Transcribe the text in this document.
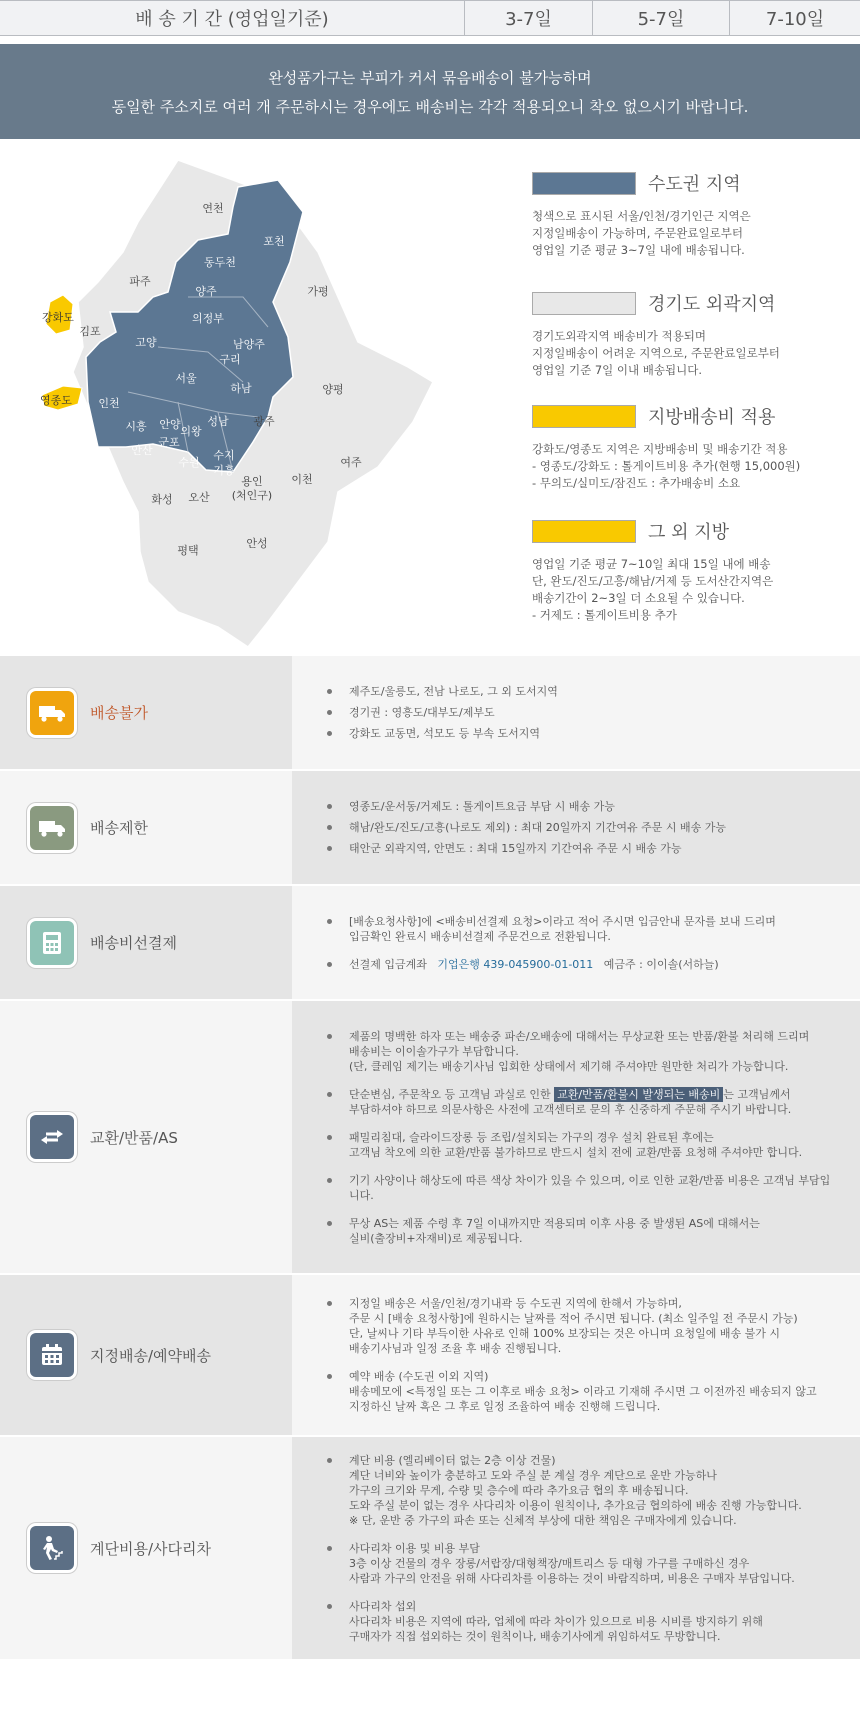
배 송 기 간 (영업일기준)	3-7일	5-7일	7-10일
완성품가구는 부피가 커서 묶음배송이 불가능하며
동일한 주소지로 여러 개 주문하시는 경우에도 배송비는 각각 적용되오니 착오 없으시기 바랍니다.
연천
포천
동두천
파주
양주	가평
강화도
김포
의정부
고양	남양주
구리
서울
하남	양평
영종도 인천
시흥 안양
의왕
성남 광주
안산
군포
수지
기흥
수원	여주
용인
(처인구)
이천
화성 오산
평택
안성
수도권 지역
청색으로 표시된 서울/인천/경기인근 지역은
지정일배송이 가능하며, 주문완료일로부터
영업일 기준 평균 3~7일 내에 배송됩니다.
경기도 외곽지역
경기도외곽지역 배송비가 적용되며
지정일배송이 어려운 지역으로, 주문완료일로부터
영업일 기준 7일 이내 배송됩니다.
지방배송비 적용
강화도/영종도 지역은 지방배송비 및 배송기간 적용
- 영종도/강화도 : 톨게이트비용 추가(현행 15,000원)
- 무의도/실미도/잠진도 : 추가배송비 소요
그 외 지방
영업일 기준 평균 7~10일 최대 15일 내에 배송
단, 완도/진도/고흥/해남/거제 등 도서산간지역은
배송기간이 2~3일 더 소요될 수 있습니다.
- 거제도 : 톨게이트비용 추가
배송불가
제주도/울릉도, 전남 나로도, 그 외 도서지역
경기권 : 영흥도/대부도/제부도
강화도 교동면, 석모도 등 부속 도서지역
배송제한
영종도/운서동/거제도 : 톨게이트요금 부담 시 배송 가능
해남/완도/진도/고흥(나로도 제외) : 최대 20일까지 기간여유 주문 시 배송 가능
태안군 외곽지역, 안면도 : 최대 15일까지 기간여유 주문 시 배송 가능
배송비선결제
[배송요청사항]에 <배송비선결제 요청>이라고 적어 주시면 입금안내 문자를 보내 드리며
입금확인 완료시 배송비선결제 주문건으로 전환됩니다.
선결제 입금계좌 기업은행 439-045900-01-011 예금주 : 이이솔(서하늘)
교환/반품/AS
제품의 명백한 하자 또는 배송중 파손/오배송에 대해서는 무상교환 또는 반품/환불 처리해 드리며
배송비는 이이솔가구가 부담합니다.
(단, 클레임 제기는 배송기사님 입회한 상태에서 제기해 주셔야만 원만한 처리가 가능합니다.
단순변심, 주문착오 등 고객님 과실로 인한 교환/반품/환불시 발생되는 배송비 는 고객님께서
부담하셔야 하므로 의문사항은 사전에 고객센터로 문의 후 신중하게 주문해 주시기 바랍니다.
패밀리침대, 슬라이드장롱 등 조립/설치되는 가구의 경우 설치 완료된 후에는
고객님 착오에 의한 교환/반품 불가하므로 반드시 설치 전에 교환/반품 요청해 주셔야만 합니다.
기기 사양이나 해상도에 따른 색상 차이가 있을 수 있으며, 이로 인한 교환/반품 비용은 고객님 부담입니다.
무상 AS는 제품 수령 후 7일 이내까지만 적용되며 이후 사용 중 발생된 AS에 대해서는
실비(출장비+자재비)로 제공됩니다.
지정배송/예약배송
지정일 배송은 서울/인천/경기내곽 등 수도권 지역에 한해서 가능하며,
주문 시 [배송 요청사항]에 원하시는 날짜를 적어 주시면 됩니다. (최소 일주일 전 주문시 가능)
단, 날씨나 기타 부득이한 사유로 인해 100% 보장되는 것은 아니며 요청일에 배송 불가 시
배송기사님과 일정 조율 후 배송 진행됩니다.
예약 배송 (수도권 이외 지역)
배송메모에 <특정일 또는 그 이후로 배송 요청> 이라고 기재해 주시면 그 이전까진 배송되지 않고
지정하신 날짜 혹은 그 후로 일정 조율하여 배송 진행해 드립니다.
계단비용/사다리차
계단 비용 (엘리베이터 없는 2층 이상 건물)
계단 너비와 높이가 충분하고 도와 주실 분 계실 경우 계단으로 운반 가능하나
가구의 크기와 무게, 수량 및 층수에 따라 추가요금 협의 후 배송됩니다.
도와 주실 분이 없는 경우 사다리차 이용이 원칙이나, 추가요금 협의하에 배송 진행 가능합니다.
※ 단, 운반 중 가구의 파손 또는 신체적 부상에 대한 책임은 구매자에게 있습니다.
사다리차 이용 및 비용 부담
3층 이상 건물의 경우 장롱/서랍장/대형책장/매트리스 등 대형 가구를 구매하신 경우
사람과 가구의 안전을 위해 사다리차를 이용하는 것이 바람직하며, 비용은 구매자 부담입니다.
사다리차 섭외
사다리차 비용은 지역에 따라, 업체에 따라 차이가 있으므로 비용 시비를 방지하기 위해
구매자가 직접 섭외하는 것이 원칙이나, 배송기사에게 위임하셔도 무방합니다.
